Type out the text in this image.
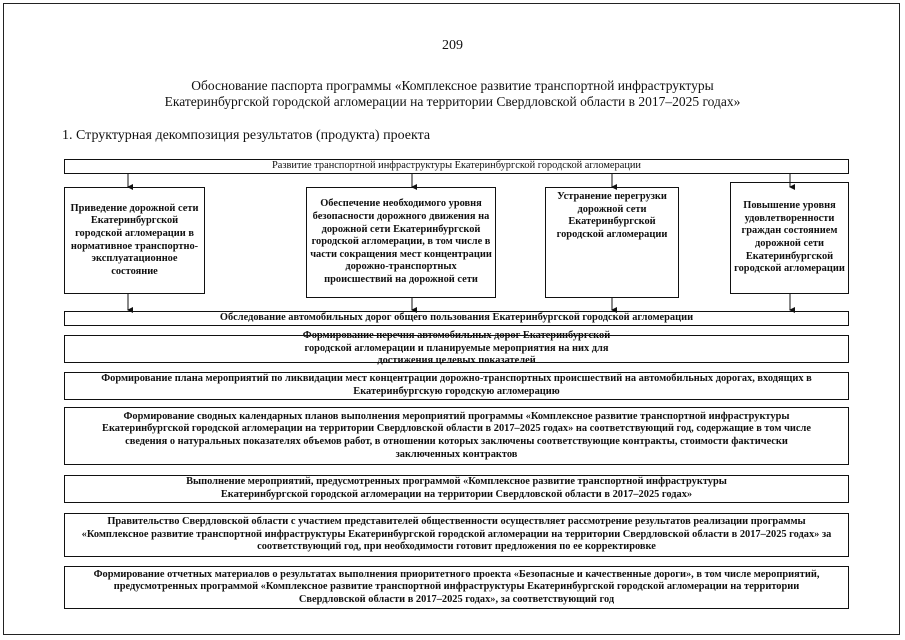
209
Обоснование паспорта программы «Комплексное развитие транспортной инфраструктуры
Екатеринбургской городской агломерации на территории Свердловской области в 2017–2025 годах»
1. Структурная декомпозиция результатов (продукта) проекта
Развитие транспортной инфраструктуры Екатеринбургской городской агломерации
Приведение дорожной сети Екатеринбургской городской агломерации в нормативное транспортно-эксплуатационное состояние
Обеспечение необходимого уровня безопасности дорожного движения на дорожной сети Екатеринбургской городской агломерации, в том числе в части сокращения мест концентрации дорожно-транспортных происшествий на дорожной сети
Устранение перегрузки дорожной сети Екатеринбургской городской агломерации
Повышение уровня удовлетворенности граждан состоянием дорожной сети Екатеринбургской городской агломерации
Обследование автомобильных дорог общего пользования Екатеринбургской городской агломерации
Формирование перечня автомобильных дорог Екатеринбургской городской агломерации и планируемые мероприятия на них для достижения целевых показателей
Формирование плана мероприятий по ликвидации мест концентрации дорожно-транспортных происшествий на автомобильных дорогах, входящих в Екатеринбургскую городскую агломерацию
Формирование сводных календарных планов выполнения мероприятий программы «Комплексное развитие транспортной инфраструктуры Екатеринбургской городской агломерации на территории Свердловской области в 2017–2025 годах» на соответствующий год, содержащие в том числе сведения о натуральных показателях объемов работ, в отношении которых заключены соответствующие контракты, стоимости фактически заключенных контрактов
Выполнение мероприятий, предусмотренных программой «Комплексное развитие транспортной инфраструктуры Екатеринбургской городской агломерации на территории Свердловской области в 2017–2025 годах»
Правительство Свердловской области с участием представителей общественности осуществляет рассмотрение результатов реализации программы «Комплексное развитие транспортной инфраструктуры Екатеринбургской городской агломерации на территории Свердловской области в 2017–2025 годах» за соответствующий год, при необходимости готовит предложения по ее корректировке
Формирование отчетных материалов о результатах выполнения приоритетного проекта «Безопасные и качественные дороги», в том числе мероприятий, предусмотренных программой «Комплексное развитие транспортной инфраструктуры Екатеринбургской городской агломерации на территории Свердловской области в 2017–2025 годах», за соответствующий год
